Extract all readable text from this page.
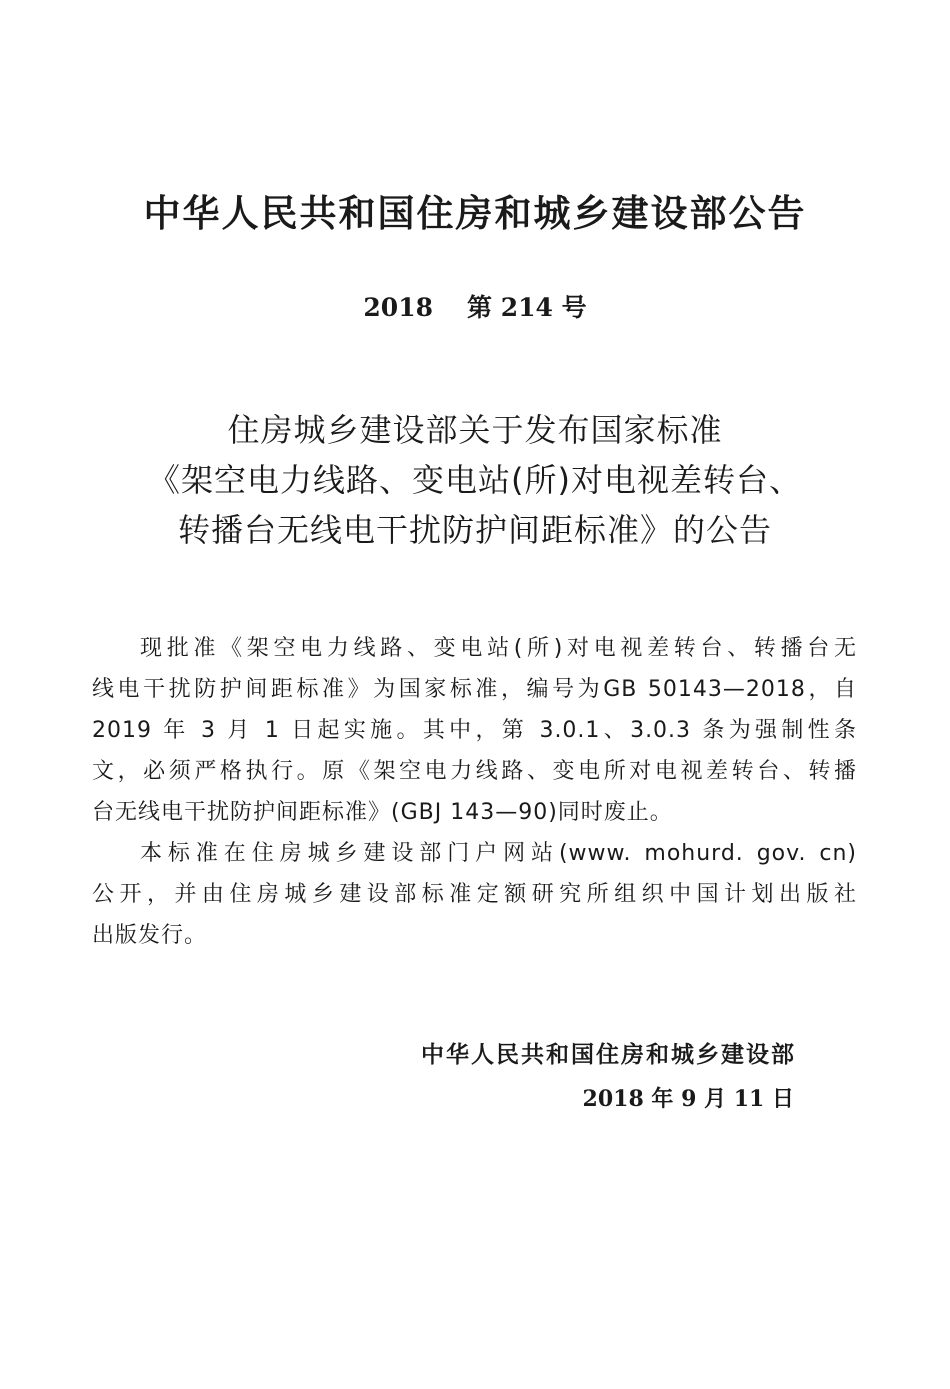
中华人民共和国住房和城乡建设部公告
2018 第 214 号
住房城乡建设部关于发布国家标准
《架空电力线路、变电站(所)对电视差转台、
转播台无线电干扰防护间距标准》的公告
现批准《架空电力线路、变电站(所)对电视差转台、转播台无
线电干扰防护间距标准》为国家标准，编号为GB 50143—2018，自
2019 年 3 月 1 日起实施。其中，第 3.0.1、3.0.3 条为强制性条
文，必须严格执行。原《架空电力线路、变电所对电视差转台、转播
台无线电干扰防护间距标准》(GBJ 143—90)同时废止。
本标准在住房城乡建设部门户网站(www. mohurd. gov. cn)
公开，并由住房城乡建设部标准定额研究所组织中国计划出版社
出版发行。
中华人民共和国住房和城乡建设部
2018 年 9 月 11 日
